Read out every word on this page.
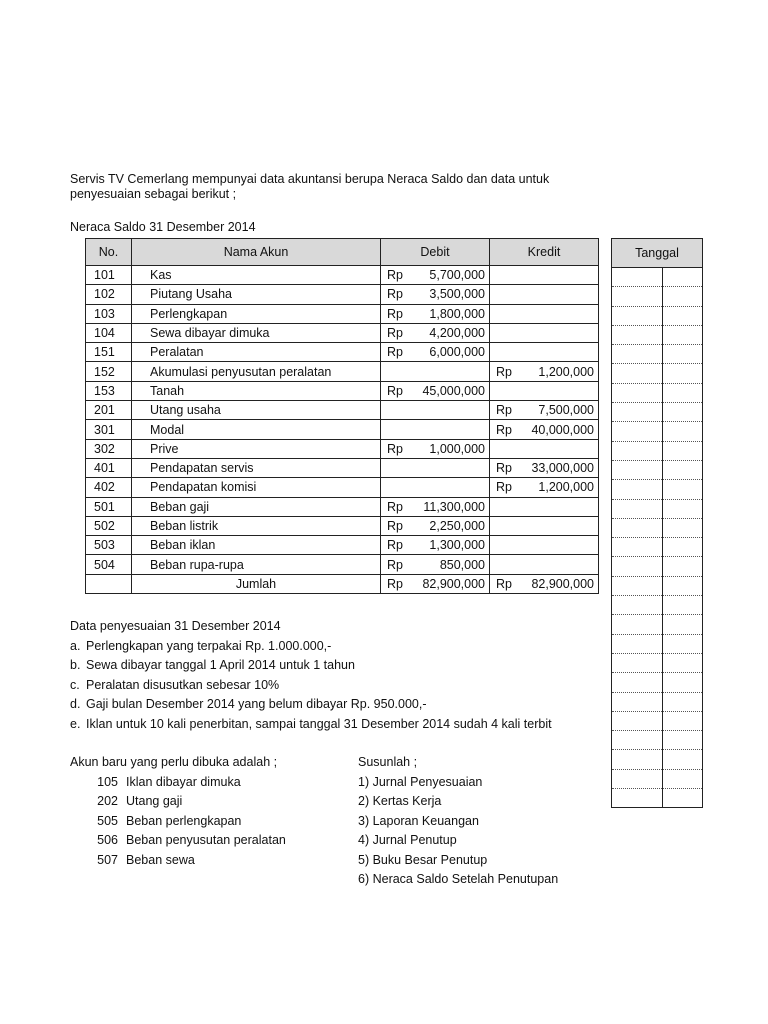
Servis TV Cemerlang mempunyai data akuntansi berupa Neraca Saldo dan data untuk
penyesuaian sebagai berikut ;
Neraca Saldo 31 Desember 2014
No.	Nama Akun	Debit	Kredit
101	Kas	Rp 5,700,000	

102	Piutang Usaha	Rp 3,500,000	

103	Perlengkapan	Rp 1,800,000	

104	Sewa dibayar dimuka	Rp 4,200,000	

151	Peralatan	Rp 6,000,000	

152	Akumulasi penyusutan peralatan		Rp 1,200,000

153	Tanah	Rp 45,000,000	

201	Utang usaha		Rp 7,500,000

301	Modal		Rp 40,000,000

302	Prive	Rp 1,000,000	

401	Pendapatan servis		Rp 33,000,000

402	Pendapatan komisi		Rp 1,200,000

501	Beban gaji	Rp 11,300,000	

502	Beban listrik	Rp 2,250,000	

503	Beban iklan	Rp 1,300,000	

504	Beban rupa-rupa	Rp 850,000	

	Jumlah	Rp 82,900,000	Rp 82,900,000
Tanggal	

Data penyesuaian 31 Desember 2014
a. Perlengkapan yang terpakai Rp. 1.000.000,-
b. Sewa dibayar tanggal 1 April 2014 untuk 1 tahun
c. Peralatan disusutkan sebesar 10%
d. Gaji bulan Desember 2014 yang belum dibayar Rp. 950.000,-
e. Iklan untuk 10 kali penerbitan, sampai tanggal 31 Desember 2014 sudah 4 kali terbit
Akun baru yang perlu dibuka adalah ;
105 Iklan dibayar dimuka
202 Utang gaji
505 Beban perlengkapan
506 Beban penyusutan peralatan
507 Beban sewa
Susunlah ;
1) Jurnal Penyesuaian
2) Kertas Kerja
3) Laporan Keuangan
4) Jurnal Penutup
5) Buku Besar Penutup
6) Neraca Saldo Setelah Penutupan
